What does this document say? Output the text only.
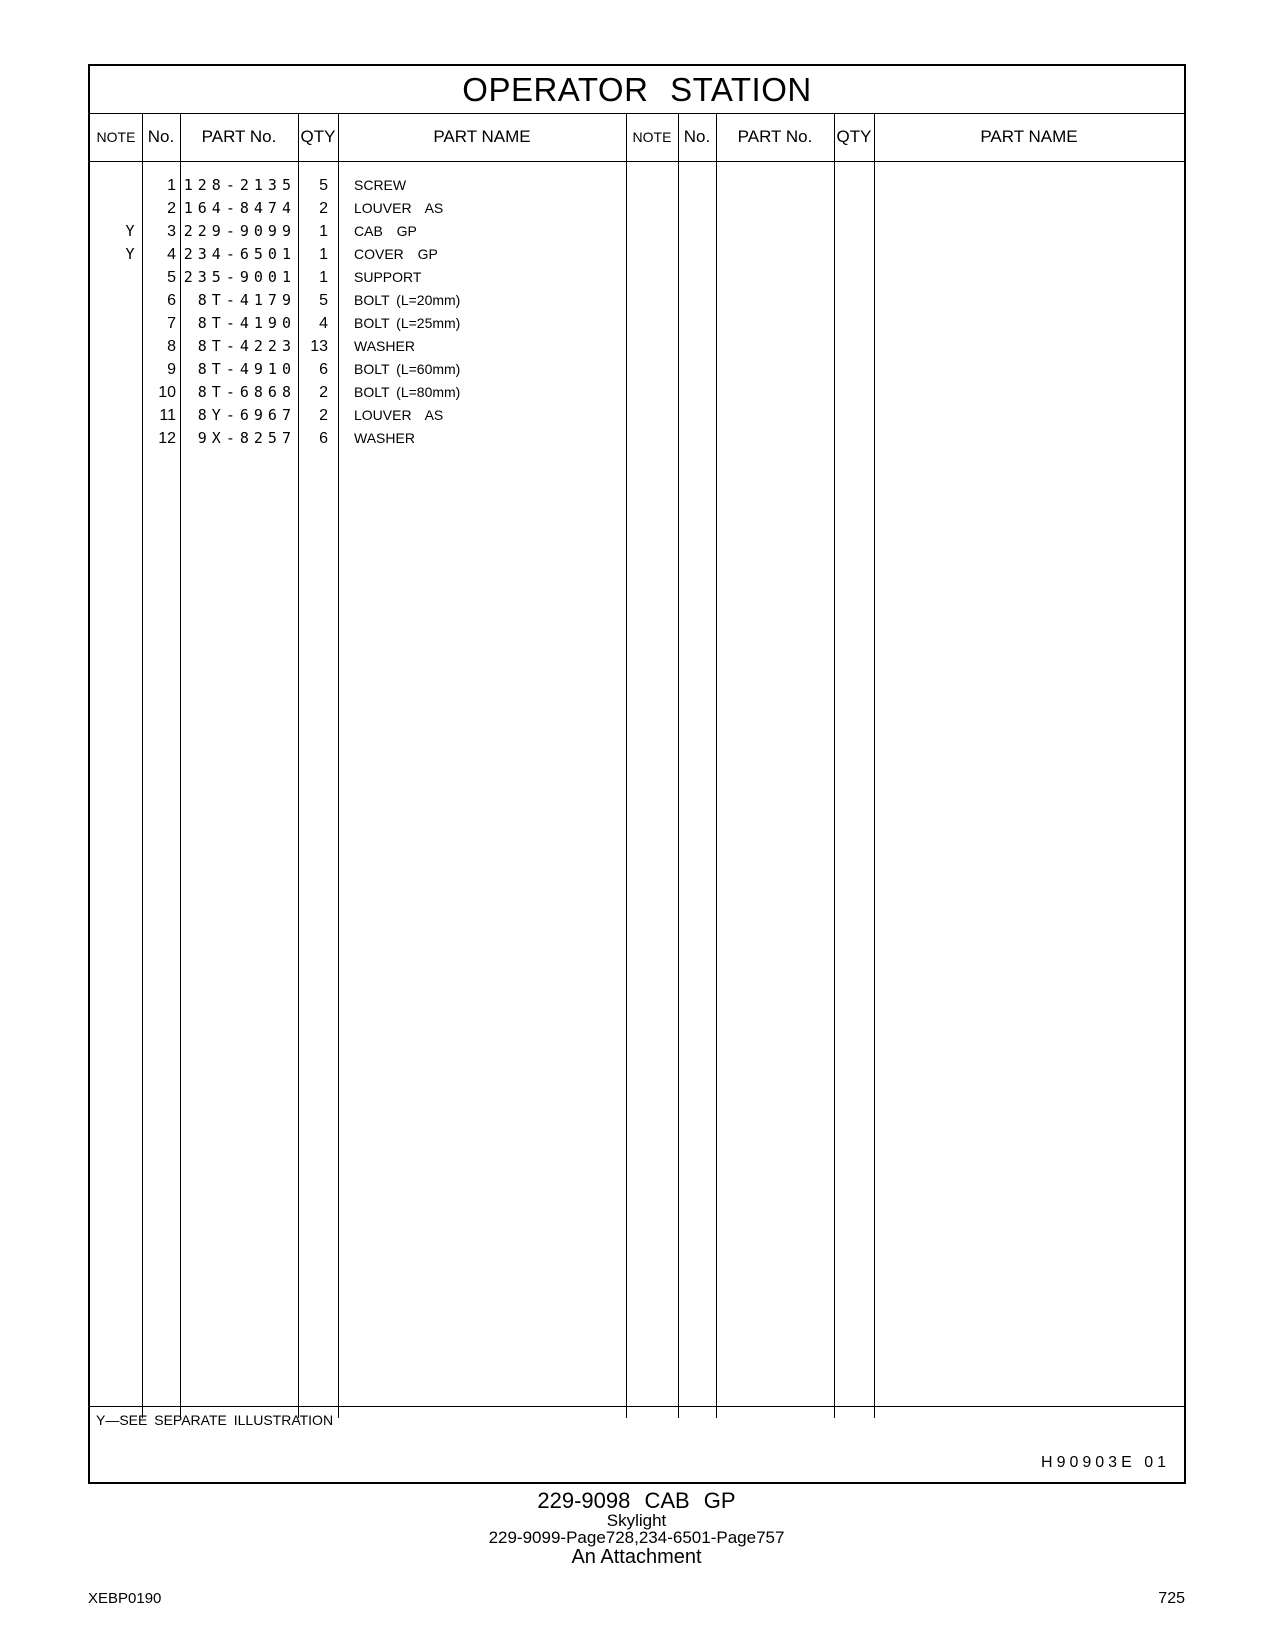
OPERATOR STATION
NOTE No.	PART No.	QTY	PART NAME	NOTE No.	PART No.	QTY	PART NAME
1 128-2135	5 SCREW
2 164-8474	2 LOUVER  AS
Y	3 229-9099	1 CAB  GP
Y	4 234-6501	1 COVER  GP
5 235-9001	1 SUPPORT
6	8T-4179	5 BOLT (L=20mm)
7	8T-4190	4 BOLT (L=25mm)
8	8T-4223 13 WASHER
9	8T-4910	6 BOLT (L=60mm)
10	8T-6868	2 BOLT (L=80mm)
11	8Y-6967	2 LOUVER  AS
12	9X-8257	6 WASHER
Y—SEE SEPARATE ILLUSTRATION
H90903E 01
229-9098 CAB GP
Skylight
229-9099-Page728,234-6501-Page757
An Attachment
XEBP0190	725
